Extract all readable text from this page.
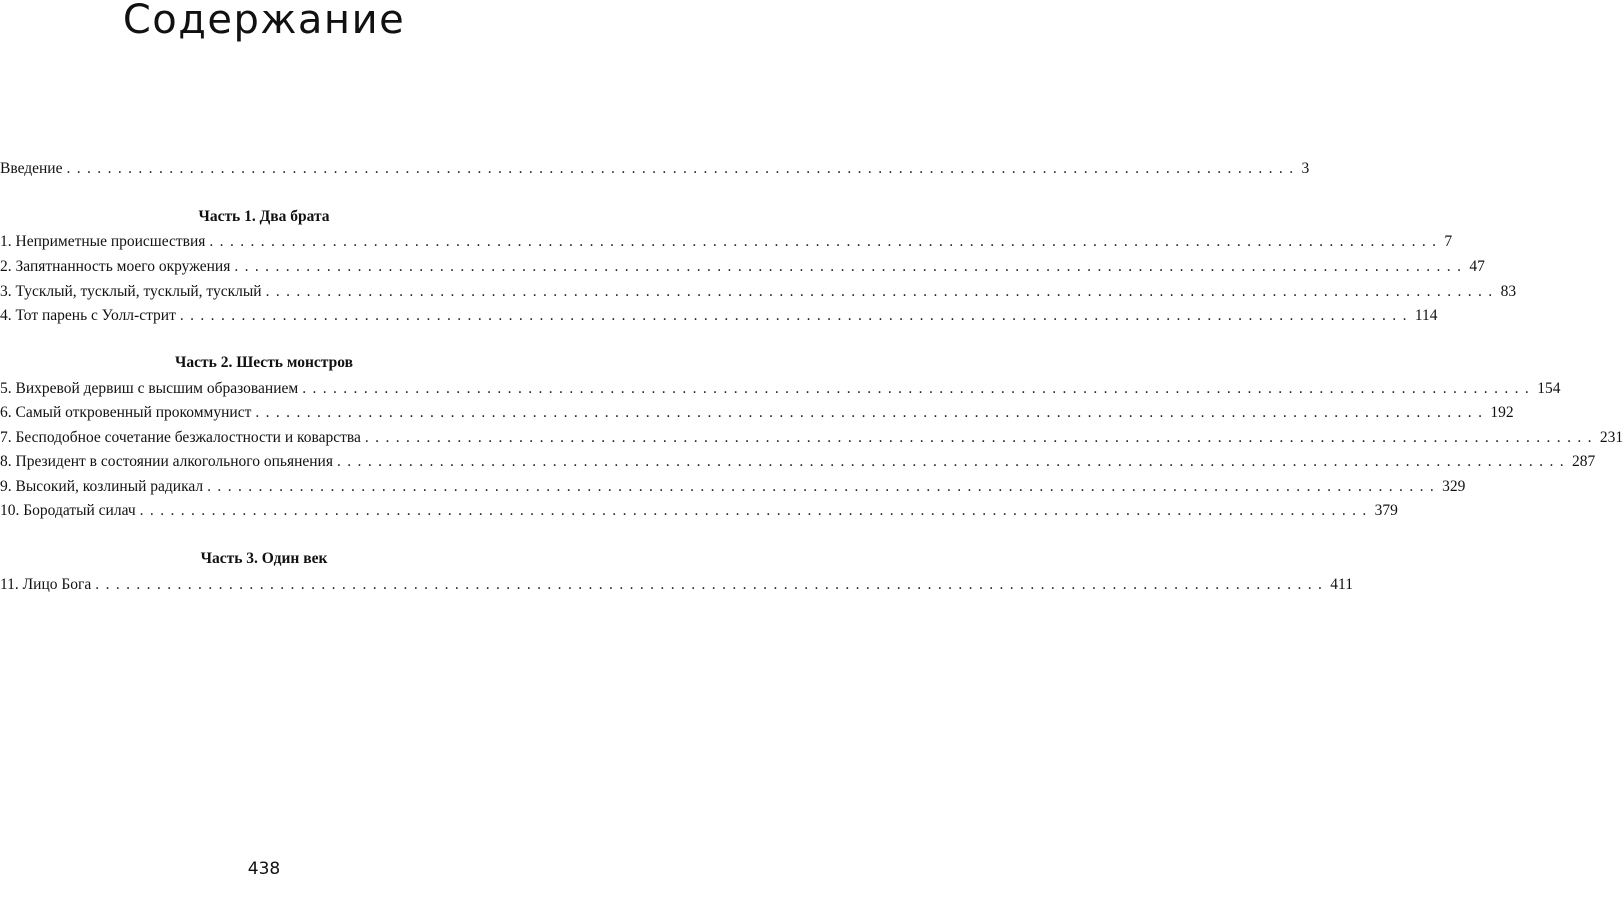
Содержание
Введение ........................................................................................................................ 3
Часть 1. Два брата
1. Неприметные происшествия ........................................................................................................................ 7
2. Запятнанность моего окружения ........................................................................................................................ 47
3. Тусклый, тусклый, тусклый, тусклый ........................................................................................................................ 83
4. Тот парень с Уолл-стрит ........................................................................................................................ 114
Часть 2. Шесть монстров
5. Вихревой дервиш с высшим образованием ........................................................................................................................ 154
6. Самый откровенный прокоммунист ........................................................................................................................ 192
7. Бесподобное сочетание безжалостности и коварства ........................................................................................................................ 231
8. Президент в состоянии алкогольного опьянения ........................................................................................................................ 287
9. Высокий, козлиный радикал ........................................................................................................................ 329
10. Бородатый силач ........................................................................................................................ 379
Часть 3. Один век
11. Лицо Бога ........................................................................................................................ 411
438
